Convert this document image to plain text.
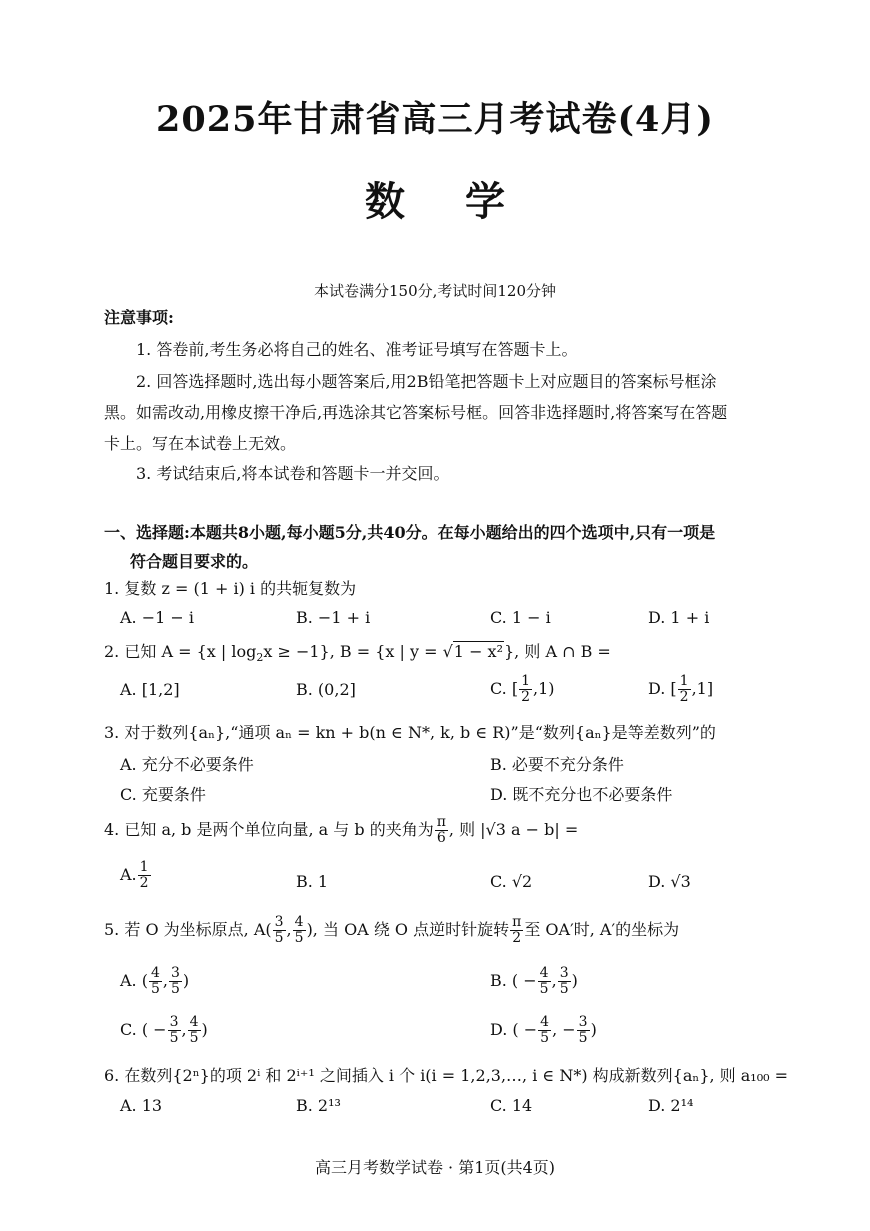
2025年甘肃省高三月考试卷(4月)
数学
本试卷满分150分,考试时间120分钟
注意事项:
1. 答卷前,考生务必将自己的姓名、准考证号填写在答题卡上。
2. 回答选择题时,选出每小题答案后,用2B铅笔把答题卡上对应题目的答案标号框涂
黑。如需改动,用橡皮擦干净后,再选涂其它答案标号框。回答非选择题时,将答案写在答题
卡上。写在本试卷上无效。
3. 考试结束后,将本试卷和答题卡一并交回。
一、选择题:本题共8小题,每小题5分,共40分。在每小题给出的四个选项中,只有一项是
符合题目要求的。
1. 复数 z = (1 + i) i 的共轭复数为
A. −1 − i	B. −1 + i	C. 1 − i	D. 1 + i
2. 已知 A = {x | $\log_2x \ge -1$}, B = {x | y = √1 − x²}, 则 A ∩ B =
A. [1,2]	B. (0,2]	C. [ $\frac{1}{2} ,1$)	D. [ $\frac{1}{2} ,1$]
3. 对于数列{aₙ},“通项 aₙ = kn + b(n ∈ N*, k, b ∈ R)”是“数列{aₙ}是等差数列”的
A. 充分不必要条件	B. 必要不充分条件
C. 充要条件	D. 既不充分也不必要条件
4. 已知 a, b 是两个单位向量, a 与 b 的夹角为 $\frac{\pi}{6}$ , 则 |√3 a − b| =
A. $\frac{1}{2}$	B. 1	C. √2	D. √3
5. 若 O 为坐标原点, $A( \frac{3}{5}$ , $\frac{4}{5}$ ), 当 OA 绕 O 点逆时针旋转 $\frac{\pi}{2}$ 至 OA′时, A′的坐标为
A. ( $\frac{4}{5}$ , $\frac{3}{5}$ )	B. ( − $\frac{4}{5}$ , $\frac{3}{5}$ )
C. ( − $\frac{3}{5}$ , $\frac{4}{5}$ )	D. ( − $\frac{4}{5}$ , − $\frac{3}{5}$ )
6. 在数列{2ⁿ}的项 2ⁱ 和 2ⁱ⁺¹ 之间插入 i 个 i(i = 1,2,3,…, i ∈ N*) 构成新数列{aₙ}, 则 a₁₀₀ =
A. 13	B. 2¹³	C. 14	D. 2¹⁴
高三月考数学试卷 · 第1页(共4页)
